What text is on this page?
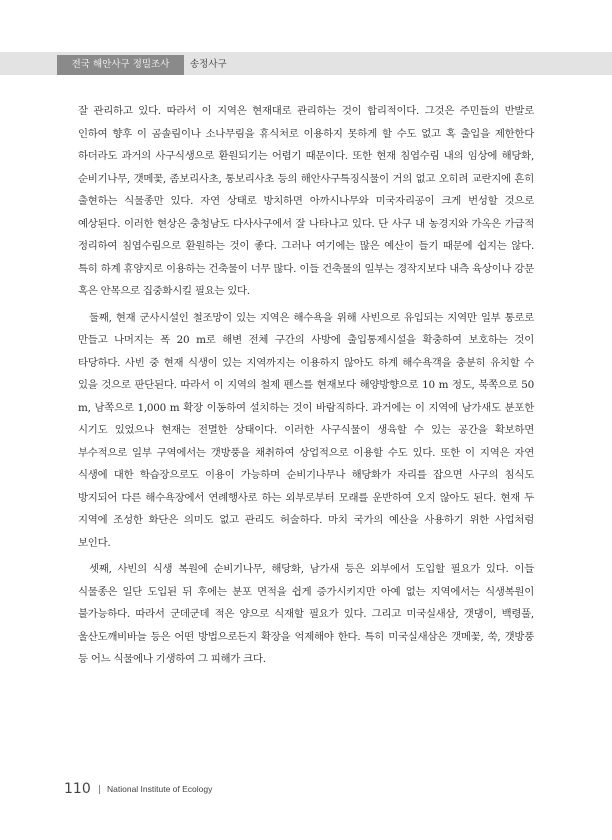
전국 해안사구 정밀조사	송정사구

잘 관리하고 있다. 따라서 이 지역은 현재대로 관리하는 것이 합리적이다. 그것은 주민들의 반발로 인하여 향후 이 곰솔림이나 소나무림을 휴식처로 이용하지 못하게 할 수도 없고 혹 출입을 제한한다 하더라도 과거의 사구식생으로 환원되기는 어렵기 때문이다. 또한 현재 침엽수림 내의 임상에 해당화, 순비기나무, 갯메꽃, 좀보리사초, 통보리사초 등의 해안사구특징식물이 거의 없고 오히려 교란지에 흔히 출현하는 식물종만 있다. 자연 상태로 방치하면 아까시나무와 미국자리공이 크게 번성할 것으로 예상된다. 이러한 현상은 충청남도 다사사구에서 잘 나타나고 있다. 단 사구 내 농경지와 가옥은 가급적 정리하여 침엽수림으로 환원하는 것이 좋다. 그러나 여기에는 많은 예산이 들기 때문에 쉽지는 않다. 특히 하계 휴양지로 이용하는 건축물이 너무 많다. 이들 건축물의 일부는 경작지보다 내측 육상이나 강문 혹은 안목으로 집중화시킬 필요는 있다.

둘째, 현재 군사시설인 철조망이 있는 지역은 해수욕을 위해 사빈으로 유입되는 지역만 일부 통로로 만들고 나머지는 폭 20 m로 해변 전체 구간의 사방에 출입통제시설을 확충하여 보호하는 것이 타당하다. 사빈 중 현재 식생이 있는 지역까지는 이용하지 않아도 하계 해수욕객을 충분히 유치할 수 있을 것으로 판단된다. 따라서 이 지역의 철제 펜스를 현재보다 해양방향으로 10 m 정도, 북쪽으로 50 m, 남쪽으로 1,000 m 확장 이동하여 설치하는 것이 바람직하다. 과거에는 이 지역에 남가새도 분포한 시기도 있었으나 현재는 전멸한 상태이다. 이러한 사구식물이 생육할 수 있는 공간을 확보하면 부수적으로 일부 구역에서는 갯방풍을 채취하여 상업적으로 이용할 수도 있다. 또한 이 지역은 자연 식생에 대한 학습장으로도 이용이 가능하며 순비기나무나 해당화가 자리를 잡으면 사구의 침식도 방지되어 다른 해수욕장에서 연례행사로 하는 외부로부터 모래를 운반하여 오지 않아도 된다. 현재 두 지역에 조성한 화단은 의미도 없고 관리도 허술하다. 마치 국가의 예산을 사용하기 위한 사업처럼 보인다.

셋째, 사빈의 식생 복원에 순비기나무, 해당화, 남가새 등은 외부에서 도입할 필요가 있다. 이들 식물종은 일단 도입된 뒤 후에는 분포 면적을 쉽게 증가시키지만 아예 없는 지역에서는 식생복원이 불가능하다. 따라서 군데군데 적은 양으로 식재할 필요가 있다. 그리고 미국실새삼, 갯댕이, 백령풀, 울산도깨비바늘 등은 어떤 방법으로든지 확장을 억제해야 한다. 특히 미국실새삼은 갯메꽃, 쑥, 갯방풍 등 어느 식물에나 기생하여 그 피해가 크다.

110 National Institute of Ecology
